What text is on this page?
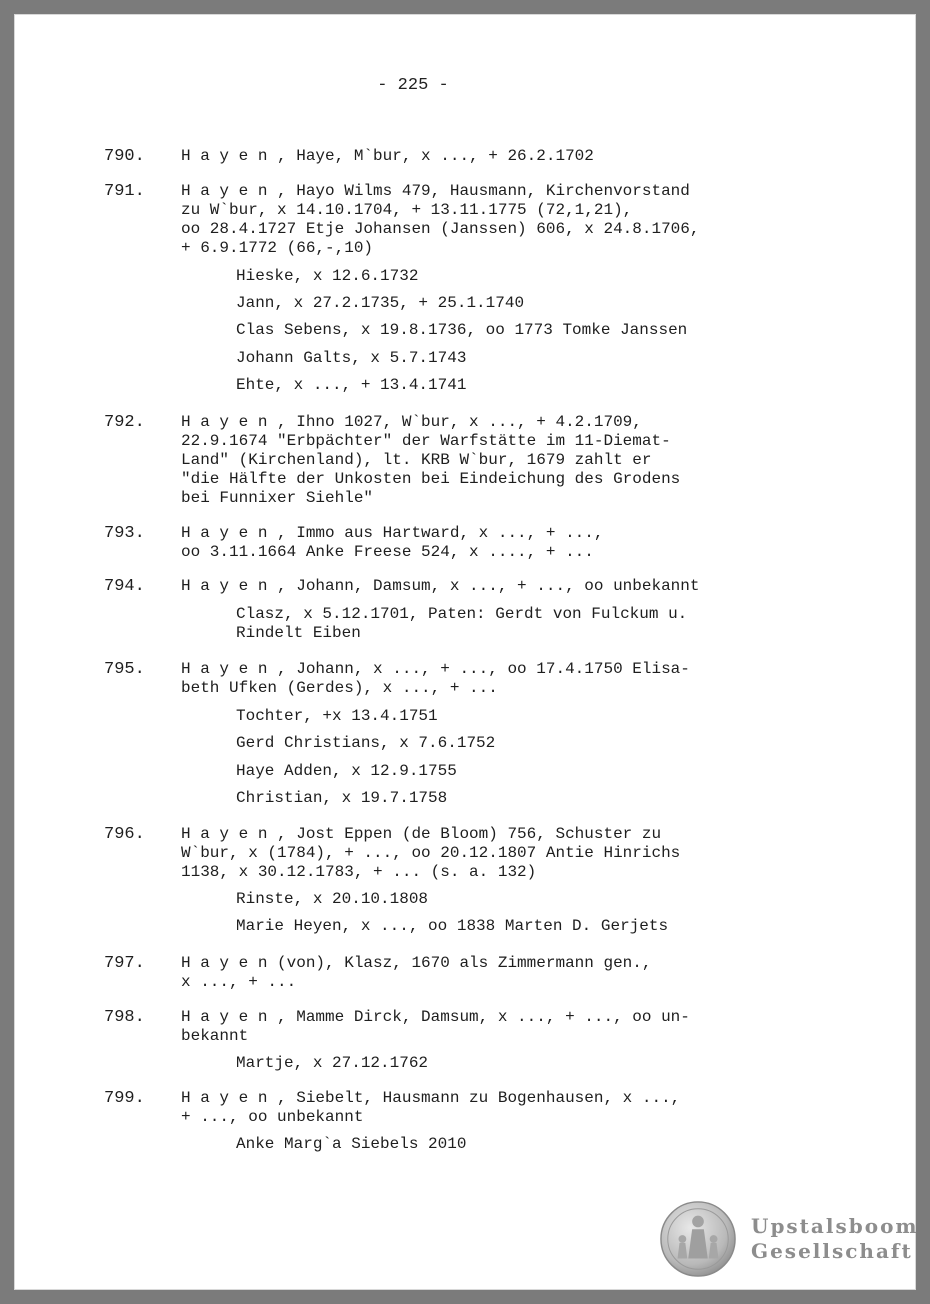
- 225 -
790. H a y e n , Haye, M`bur, x ..., + 26.2.1702
791. H a y e n , Hayo Wilms 479, Hausmann, Kirchenvorstand
zu W`bur, x 14.10.1704, + 13.11.1775 (72,1,21),
oo 28.4.1727 Etje Johansen (Janssen) 606, x 24.8.1706,
+ 6.9.1772 (66,-,10)
Hieske, x 12.6.1732
Jann, x 27.2.1735, + 25.1.1740
Clas Sebens, x 19.8.1736, oo 1773 Tomke Janssen
Johann Galts, x 5.7.1743
Ehte, x ..., + 13.4.1741
792. H a y e n , Ihno 1027, W`bur, x ..., + 4.2.1709,
22.9.1674 "Erbpächter" der Warfstätte im 11-Diemat-
Land" (Kirchenland), lt. KRB W`bur, 1679 zahlt er
"die Hälfte der Unkosten bei Eindeichung des Grodens
bei Funnixer Siehle"
793. H a y e n , Immo aus Hartward, x ..., + ...,
oo 3.11.1664 Anke Freese 524, x ...., + ...
794. H a y e n , Johann, Damsum, x ..., + ..., oo unbekannt
Clasz, x 5.12.1701, Paten: Gerdt von Fulckum u.
Rindelt Eiben
795. H a y e n , Johann, x ..., + ..., oo 17.4.1750 Elisa-
beth Ufken (Gerdes), x ..., + ...
Tochter, +x 13.4.1751
Gerd Christians, x 7.6.1752
Haye Adden, x 12.9.1755
Christian, x 19.7.1758
796. H a y e n , Jost Eppen (de Bloom) 756, Schuster zu
W`bur, x (1784), + ..., oo 20.12.1807 Antie Hinrichs
1138, x 30.12.1783, + ... (s. a. 132)
Rinste, x 20.10.1808
Marie Heyen, x ..., oo 1838 Marten D. Gerjets
797. H a y e n (von), Klasz, 1670 als Zimmermann gen.,
x ..., + ...
798. H a y e n , Mamme Dirck, Damsum, x ..., + ..., oo un-
bekannt
Martje, x 27.12.1762
799. H a y e n , Siebelt, Hausmann zu Bogenhausen, x ...,
+ ..., oo unbekannt
Anke Marg`a Siebels 2010
Upstalsboom
Gesellschaft
